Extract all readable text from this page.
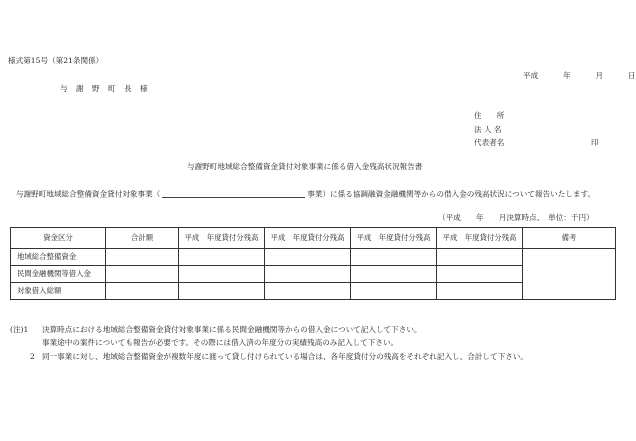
様式第15号（第21条関係）
平成	年	月	日
与 謝 野 町 長 様
住　　所
法 人 名
代表者名	印
与謝野町地域総合整備資金貸付対象事業に係る借入金残高状況報告書
与謝野町地域総合整備資金貸付対象事業（	事業）に係る協調融資金融機関等からの借入金の残高状況について報告いたします。
（平成　　年　　月決算時点、　単位：千円）
資金区分	合計額	平成　年度貸付分残高	平成　年度貸付分残高	平成　年度貸付分残高	平成　年度貸付分残高	備考
地域総合整備資金						
民間金融機関等借入金						
対象借入総額						
(注)1 決算時点における地域総合整備資金貸付対象事業に係る民間金融機関等からの借入金について記入して下さい。
事業途中の案件についても報告が必要です。その際には借入済の年度分の実績残高のみ記入して下さい。
2 同一事業に対し、地域総合整備資金が複数年度に渡って貸し付けられている場合は、各年度貸付分の残高をそれぞれ記入し、合計して下さい。
